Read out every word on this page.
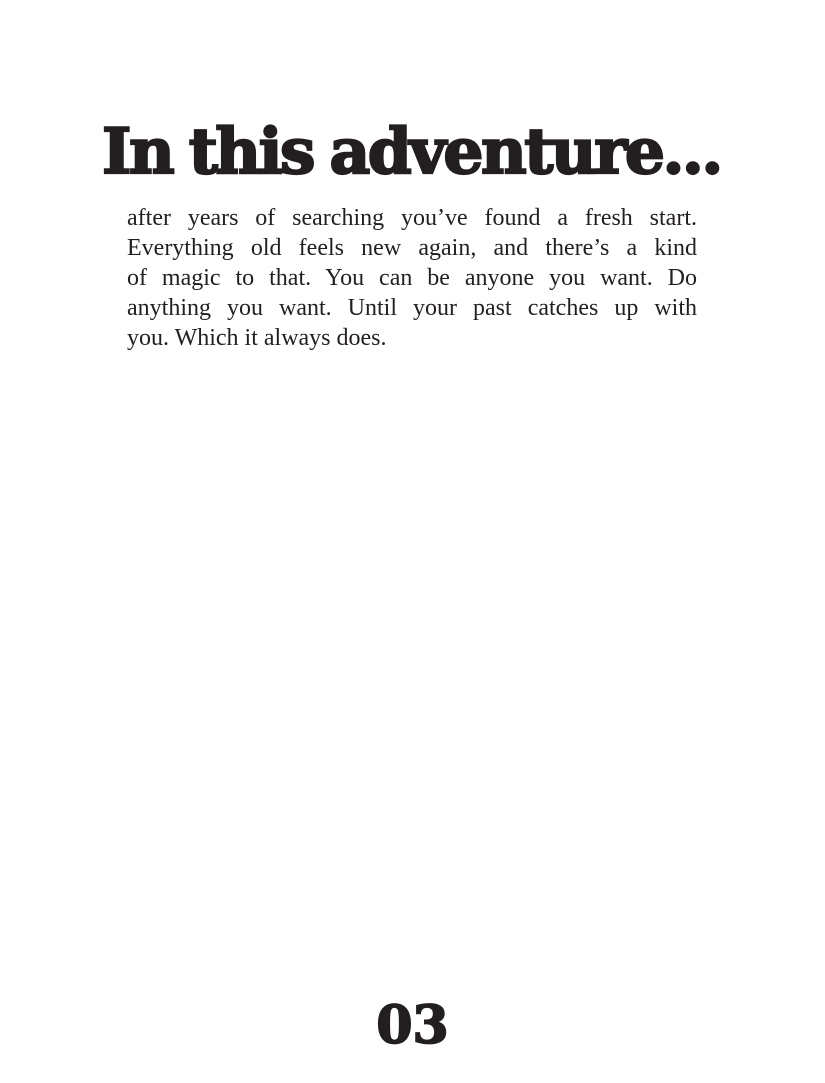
In this adventure...
after years of searching you’ve found a fresh start.
Everything old feels new again, and there’s a kind
of magic to that. You can be anyone you want. Do
anything you want. Until your past catches up with
you. Which it always does.
03
